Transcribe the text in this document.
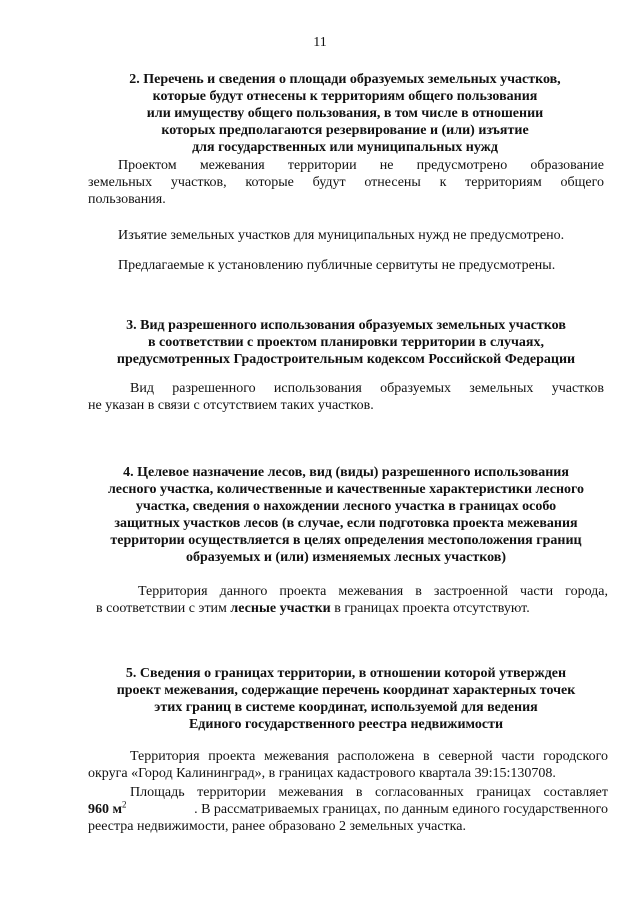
11
2. Перечень и сведения о площади образуемых земельных участков,
которые будут отнесены к территориям общего пользования
или имуществу общего пользования, в том числе в отношении
которых предполагаются резервирование и (или) изъятие
для государственных или муниципальных нужд
Проектом межевания территории не предусмотрено образование
земельных участков, которые будут отнесены к территориям общего
пользования.
Изъятие земельных участков для муниципальных нужд не предусмотрено.
Предлагаемые к установлению публичные сервитуты не предусмотрены.
3. Вид разрешенного использования образуемых земельных участков
в соответствии с проектом планировки территории в случаях,
предусмотренных Градостроительным кодексом Российской Федерации
Вид разрешенного использования образуемых земельных участков
не указан в связи с отсутствием таких участков.
4. Целевое назначение лесов, вид (виды) разрешенного использования
лесного участка, количественные и качественные характеристики лесного
участка, сведения о нахождении лесного участка в границах особо
защитных участков лесов (в случае, если подготовка проекта межевания
территории осуществляется в целях определения местоположения границ
образуемых и (или) изменяемых лесных участков)
Территория данного проекта межевания в застроенной части города,
в соответствии с этим лесные участки в границах проекта отсутствуют.
5. Сведения о границах территории, в отношении которой утвержден
проект межевания, содержащие перечень координат характерных точек
этих границ в системе координат, используемой для ведения
Единого государственного реестра недвижимости
Территория проекта межевания расположена в северной части городского
округа «Город Калининград», в границах кадастрового квартала 39:15:130708.
Площадь территории межевания в согласованных границах составляет
960 $м^2$	. В рассматриваемых границах, по данным единого государственного
реестра недвижимости, ранее образовано 2 земельных участка.
